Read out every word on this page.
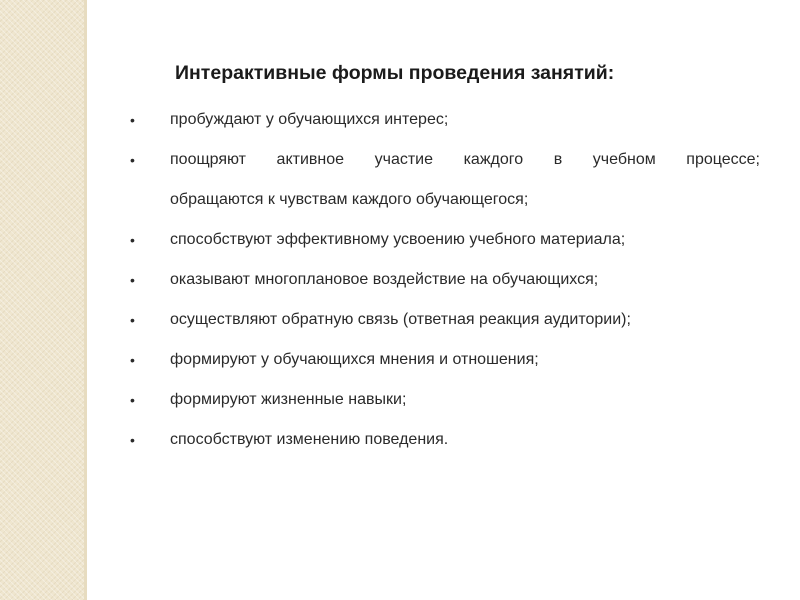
Интерактивные формы проведения занятий:
•	пробуждают у обучающихся интерес;
•	поощряют активное участие каждого в учебном процессе;
обращаются к чувствам каждого обучающегося;
•	способствуют эффективному усвоению учебного материала;
•	оказывают многоплановое воздействие на обучающихся;
•	осуществляют обратную связь (ответная реакция аудитории);
•	формируют у обучающихся мнения и отношения;
•	формируют жизненные навыки;
•	способствуют изменению поведения.
